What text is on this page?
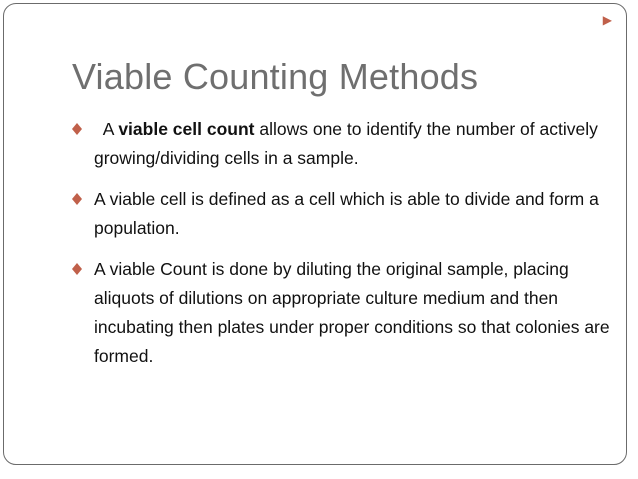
▶
Viable Counting Methods
A viable cell count allows one to identify the number of actively growing/dividing cells in a sample.
A viable cell is defined as a cell which is able to divide and form a population.
A viable Count is done by diluting the original sample, placing aliquots of dilutions on appropriate culture medium and then incubating then plates under proper conditions so that colonies are formed.
